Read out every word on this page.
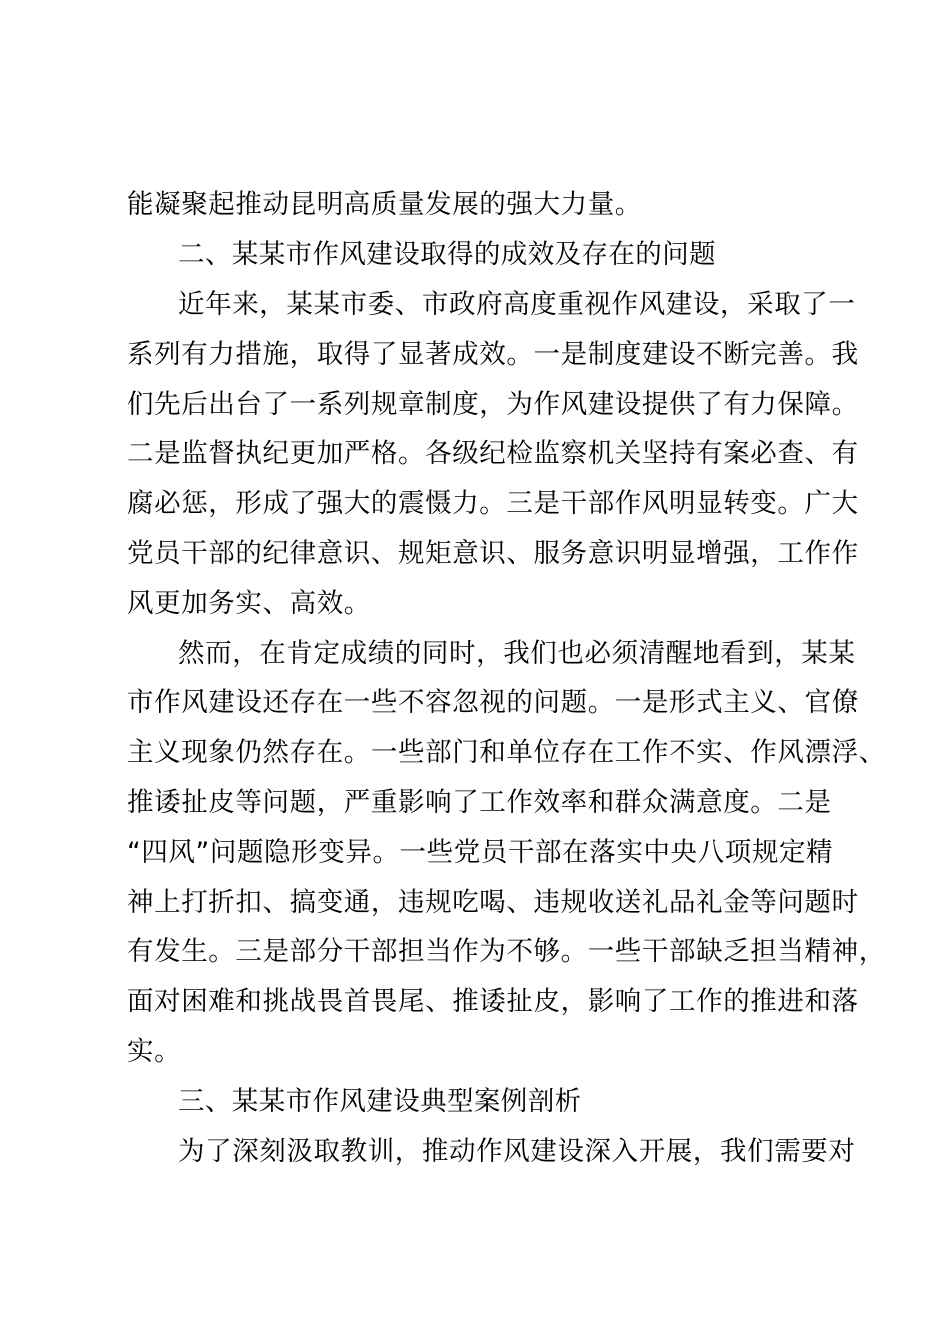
能凝聚起推动昆明高质量发展的强大力量。
二、某某市作风建设取得的成效及存在的问题
近年来，某某市委、市政府高度重视作风建设，采取了一
系列有力措施，取得了显著成效。一是制度建设不断完善。我
们先后出台了一系列规章制度，为作风建设提供了有力保障。
二是监督执纪更加严格。各级纪检监察机关坚持有案必查、有
腐必惩，形成了强大的震慑力。三是干部作风明显转变。广大
党员干部的纪律意识、规矩意识、服务意识明显增强，工作作
风更加务实、高效。
然而，在肯定成绩的同时，我们也必须清醒地看到，某某
市作风建设还存在一些不容忽视的问题。一是形式主义、官僚
主义现象仍然存在。一些部门和单位存在工作不实、作风漂浮、
推诿扯皮等问题，严重影响了工作效率和群众满意度。二是
“四风”问题隐形变异。一些党员干部在落实中央八项规定精
神上打折扣、搞变通，违规吃喝、违规收送礼品礼金等问题时
有发生。三是部分干部担当作为不够。一些干部缺乏担当精神，
面对困难和挑战畏首畏尾、推诿扯皮，影响了工作的推进和落
实。
三、某某市作风建设典型案例剖析
为了深刻汲取教训，推动作风建设深入开展，我们需要对
